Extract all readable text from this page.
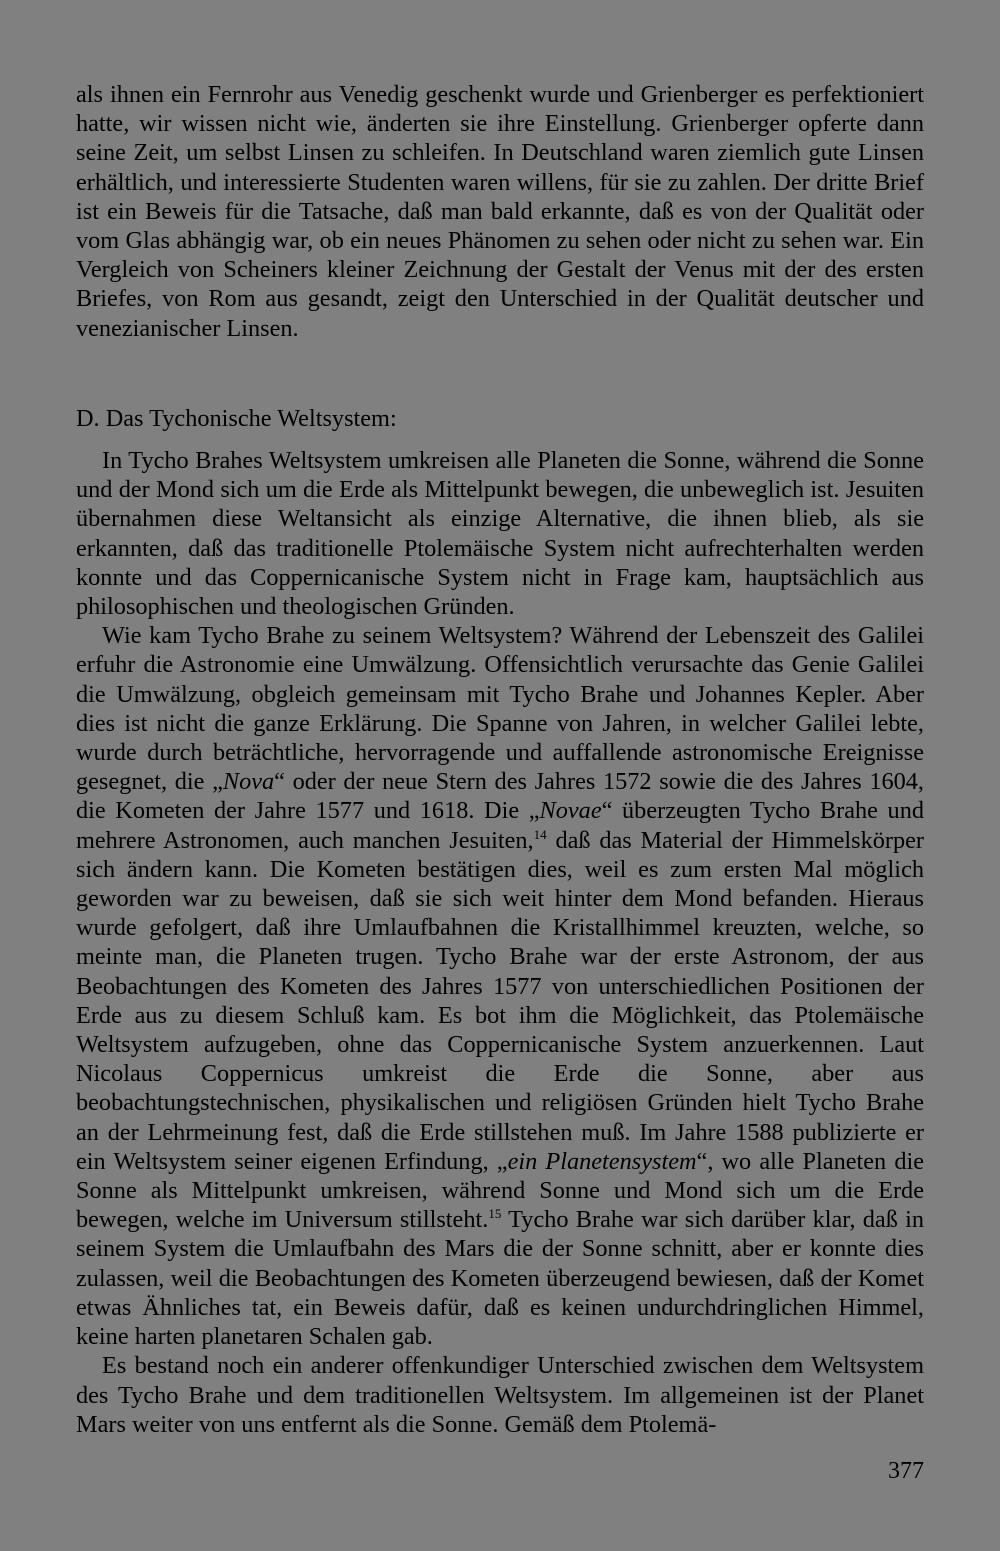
als ihnen ein Fernrohr aus Venedig geschenkt wurde und Grienberger es perfektioniert hatte, wir wissen nicht wie, änderten sie ihre Einstellung. Grienberger opferte dann seine Zeit, um selbst Linsen zu schleifen. In Deutschland waren ziemlich gute Linsen erhältlich, und interessierte Studenten waren willens, für sie zu zahlen. Der dritte Brief ist ein Beweis für die Tatsache, daß man bald erkannte, daß es von der Qualität oder vom Glas abhängig war, ob ein neues Phänomen zu sehen oder nicht zu sehen war. Ein Vergleich von Scheiners kleiner Zeichnung der Gestalt der Venus mit der des ersten Briefes, von Rom aus gesandt, zeigt den Unterschied in der Qualität deutscher und venezianischer Linsen.

D. Das Tychonische Weltsystem:

In Tycho Brahes Weltsystem umkreisen alle Planeten die Sonne, während die Sonne und der Mond sich um die Erde als Mittelpunkt bewegen, die unbeweglich ist. Jesuiten übernahmen diese Weltansicht als einzige Alternative, die ihnen blieb, als sie erkannten, daß das traditionelle Ptolemäische System nicht aufrechterhalten werden konnte und das Coppernicanische System nicht in Frage kam, hauptsächlich aus philosophischen und theologischen Gründen.

Wie kam Tycho Brahe zu seinem Weltsystem? Während der Lebenszeit des Galilei erfuhr die Astronomie eine Umwälzung. Offensichtlich verursachte das Genie Galilei die Umwälzung, obgleich gemeinsam mit Tycho Brahe und Johannes Kepler. Aber dies ist nicht die ganze Erklärung. Die Spanne von Jahren, in welcher Galilei lebte, wurde durch beträchtliche, hervorragende und auffallende astronomische Ereignisse gesegnet, die „Nova“ oder der neue Stern des Jahres 1572 sowie die des Jahres 1604, die Kometen der Jahre 1577 und 1618. Die „Novae“ überzeugten Tycho Brahe und mehrere Astronomen, auch manchen Jesuiten,$^{14}$ daß das Material der Himmelskörper sich ändern kann. Die Kometen bestätigen dies, weil es zum ersten Mal möglich geworden war zu beweisen, daß sie sich weit hinter dem Mond befanden. Hieraus wurde gefolgert, daß ihre Umlaufbahnen die Kristallhimmel kreuzten, welche, so meinte man, die Planeten trugen. Tycho Brahe war der erste Astronom, der aus Beobachtungen des Kometen des Jahres 1577 von unterschiedlichen Positionen der Erde aus zu diesem Schluß kam. Es bot ihm die Möglichkeit, das Ptolemäische Weltsystem aufzugeben, ohne das Coppernicanische System anzuerkennen. Laut Nicolaus Coppernicus umkreist die Erde die Sonne, aber aus beobachtungstechnischen, physikalischen und religiösen Gründen hielt Tycho Brahe an der Lehrmeinung fest, daß die Erde stillstehen muß. Im Jahre 1588 publizierte er ein Weltsystem seiner eigenen Erfindung, „ein Planetensystem“, wo alle Planeten die Sonne als Mittelpunkt umkreisen, während Sonne und Mond sich um die Erde bewegen, welche im Universum stillsteht.$^{15}$ Tycho Brahe war sich darüber klar, daß in seinem System die Umlaufbahn des Mars die der Sonne schnitt, aber er konnte dies zulassen, weil die Beobachtungen des Kometen überzeugend bewiesen, daß der Komet etwas Ähnliches tat, ein Beweis dafür, daß es keinen undurchdringlichen Himmel, keine harten planetaren Schalen gab.

Es bestand noch ein anderer offenkundiger Unterschied zwischen dem Weltsystem des Tycho Brahe und dem traditionellen Weltsystem. Im allgemeinen ist der Planet Mars weiter von uns entfernt als die Sonne. Gemäß dem Ptolemä-

377
